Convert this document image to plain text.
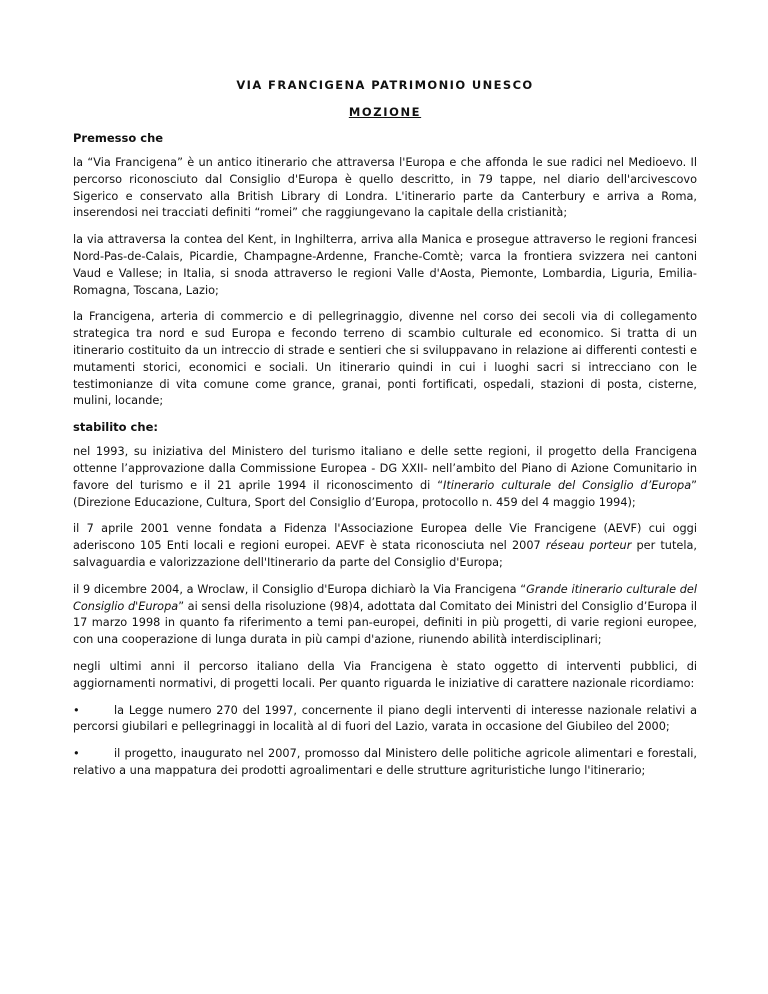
VIA FRANCIGENA PATRIMONIO UNESCO
MOZIONE
Premesso che

la “Via Francigena” è un antico itinerario che attraversa l'Europa e che affonda le sue radici nel Medioevo. Il percorso riconosciuto dal Consiglio d'Europa è quello descritto, in 79 tappe, nel diario dell'arcivescovo Sigerico e conservato alla British Library di Londra. L'itinerario parte da Canterbury e arriva a Roma, inserendosi nei tracciati definiti “romei” che raggiungevano la capitale della cristianità;

la via attraversa la contea del Kent, in Inghilterra, arriva alla Manica e prosegue attraverso le regioni francesi Nord-Pas-de-Calais, Picardie, Champagne-Ardenne, Franche-Comtè; varca la frontiera svizzera nei cantoni Vaud e Vallese; in Italia, si snoda attraverso le regioni Valle d'Aosta, Piemonte, Lombardia, Liguria, Emilia-Romagna, Toscana, Lazio;

la Francigena, arteria di commercio e di pellegrinaggio, divenne nel corso dei secoli via di collegamento strategica tra nord e sud Europa e fecondo terreno di scambio culturale ed economico. Si tratta di un itinerario costituito da un intreccio di strade e sentieri che si sviluppavano in relazione ai differenti contesti e mutamenti storici, economici e sociali. Un itinerario quindi in cui i luoghi sacri si intrecciano con le testimonianze di vita comune come grance, granai, ponti fortificati, ospedali, stazioni di posta, cisterne, mulini, locande;

stabilito che:

nel 1993, su iniziativa del Ministero del turismo italiano e delle sette regioni, il progetto della Francigena ottenne l’approvazione dalla Commissione Europea - DG XXII- nell’ambito del Piano di Azione Comunitario in favore del turismo e il 21 aprile 1994 il riconoscimento di “Itinerario culturale del Consiglio d’Europa” (Direzione Educazione, Cultura, Sport del Consiglio d’Europa, protocollo n. 459 del 4 maggio 1994);

il 7 aprile 2001 venne fondata a Fidenza l'Associazione Europea delle Vie Francigene (AEVF) cui oggi aderiscono 105 Enti locali e regioni europei. AEVF è stata riconosciuta nel 2007 réseau porteur per tutela, salvaguardia e valorizzazione dell'Itinerario da parte del Consiglio d'Europa;

il 9 dicembre 2004, a Wroclaw, il Consiglio d'Europa dichiarò la Via Francigena “Grande itinerario culturale del Consiglio d'Europa” ai sensi della risoluzione (98)4, adottata dal Comitato dei Ministri del Consiglio d’Europa il 17 marzo 1998 in quanto fa riferimento a temi pan-europei, definiti in più progetti, di varie regioni europee, con una cooperazione di lunga durata in più campi d'azione, riunendo abilità interdisciplinari;

negli ultimi anni il percorso italiano della Via Francigena è stato oggetto di interventi pubblici, di aggiornamenti normativi, di progetti locali. Per quanto riguarda le iniziative di carattere nazionale ricordiamo:

•	la Legge numero 270 del 1997, concernente il piano degli interventi di interesse nazionale relativi a percorsi giubilari e pellegrinaggi in località al di fuori del Lazio, varata in occasione del Giubileo del 2000;

•	il progetto, inaugurato nel 2007, promosso dal Ministero delle politiche agricole alimentari e forestali, relativo a una mappatura dei prodotti agroalimentari e delle strutture agrituristiche lungo l'itinerario;
